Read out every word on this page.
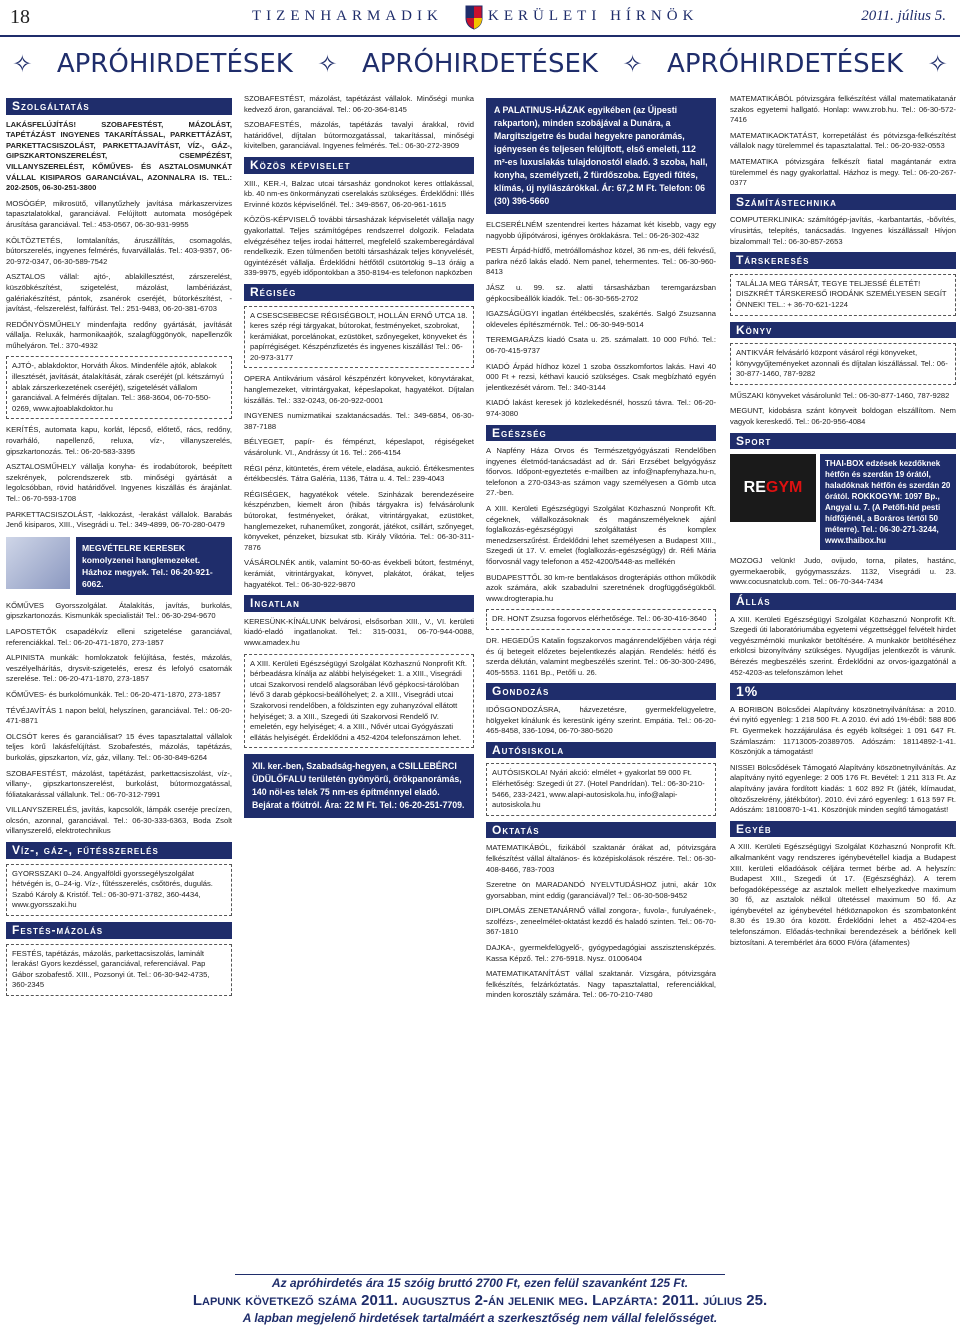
18	TIZENHARMADIK	KERÜLETI HÍRNÖK	2011. július 5.
✧ APRÓHIRDETÉSEK ✧ APRÓHIRDETÉSEK ✧ APRÓHIRDETÉSEK ✧
Szolgáltatás

LAKÁSFELÚJÍTÁS! SZOBAFESTÉST, MÁZOLÁST, TAPÉTÁZÁST INGYENES TAKARÍTÁSSAL, PARKETTÁZÁST, PARKETTACSISZOLÁST, PARKETTAJAVÍTÁST, VÍZ-, GÁZ-, GIPSZKARTONSZERELÉST, CSEMPÉZÉST, VILLANYSZERELÉST, KŐMŰVES- ÉS ASZTALOSMUNKÁT VÁLLAL KISIPAROS GARANCIÁVAL, AZONNALRA IS. TEL.: 202-2505, 06-30-251-3800

MOSÓGÉP, mikrosütő, villanytűzhely javítása márkaszervizes tapasztalatokkal, garanciával. Felújított automata mosógépek árusítása garanciával. Tel.: 453-0567, 06-30-931-9955

KÖLTÖZTETÉS, lomtalanítás, áruszállítás, csomagolás, bútorszerelés, ingyenes felmérés, fuvarvállalás. Tel.: 403-9357, 06-20-972-0347, 06-30-589-7542

ASZTALOS vállal: ajtó-, ablakillesztést, zárszerelést, küszöbkészítést, szigetelést, mázolást, lambériázást, galériakészítést, pántok, zsanérok cseréjét, bútorkészítést, -javítást, -felszerelést, falfúrást. Tel.: 251-9483, 06-20-381-6703

REDŐNYÖSMŰHELY mindenfajta redőny gyártását, javítását vállalja. Reluxák, harmonikaajtók, szalagfüggönyök, napellenzők műhelyáron. Tel.: 370-4932

AJTÓ-, ablakdoktor, Horváth Ákos. Mindenféle ajtók, ablakok illesztését, javítását, átalakítását, zárak cseréjét (pl. kétszárnyú ablak zárszerkezetének cseréjét), szigetelését vállalom garanciával. A felmérés díjtalan. Tel.: 368-3604, 06-70-550-0269, www.ajtoablakdoktor.hu

KERÍTÉS, automata kapu, korlát, lépcső, előtető, rács, redőny, rovarháló, napellenző, reluxa, víz-, villanyszerelés, gipszkartonozás. Tel.: 06-20-583-3395

ASZTALOSMŰHELY vállalja konyha- és irodabútorok, beépített szekrények, polcrendszerek stb. minőségi gyártását a legolcsóbban, rövid határidővel. Ingyenes kiszállás és árajánlat. Tel.: 06-70-593-1708

PARKETTACSISZOLÁST, -lakkozást, -lerakást vállalok. Barabás Jenő kisiparos, XIII., Visegrádi u. Tel.: 349-4899, 06-70-280-0479

MEGVÉTELRE KERESEK komolyzenei hanglemezeket. Házhoz megyek. Tel.: 06-20-921-6062.

KŐMŰVES Gyorsszolgálat. Átalakítás, javítás, burkolás, gipszkartonozás. Kismunkák specialistái! Tel.: 06-30-294-9670

LAPOSTETŐK csapadékvíz elleni szigetelése garanciával, referenciákkal. Tel.: 06-20-471-1870, 273-1857

ALPINISTA munkák: homlokzatok felújítása, festés, mázolás, veszélyelhárítás, drysvit-szigetelés, eresz és lefolyó csatornák szerelése. Tel.: 06-20-471-1870, 273-1857

KŐMŰVES- és burkolómunkák. Tel.: 06-20-471-1870, 273-1857

TÉVÉJAVÍTÁS 1 napon belül, helyszínen, garanciával. Tel.: 06-20-471-8871

OLCSÓT keres és garanciálisat? 15 éves tapasztalattal vállalok teljes körű lakásfelújítást. Szobafestés, mázolás, tapétázás, burkolás, gipszkarton, víz, gáz, villany. Tel.: 06-30-849-6264

SZOBAFESTÉST, mázolást, tapétázást, parkettacsiszolást, víz-, villany-, gipszkartonszerelést, burkolást, bútormozgatással, fóliatakarással vállalunk. Tel.: 06-70-312-7991

VILLANYSZERELÉS, javítás, kapcsolók, lámpák cseréje precízen, olcsón, azonnal, garanciával. Tel.: 06-30-333-6363, Boda Zsolt villanyszerelő, elektrotechnikus

Víz-, gáz-, fűtésszerelés
GYORSSZAKI 0–24. Angyalföldi gyorssegélyszolgálat hétvégén is, 0–24-ig. Víz-, fűtésszerelés, csőtörés, dugulás. Szabó Károly & Kristóf. Tel.: 06-30-971-3782, 360-4434, www.gyorsszaki.hu
Festés-mázolás
FESTÉS, tapétázás, mázolás, parkettacsiszolás, laminált lerakás! Gyors kezdéssel, garanciával, referenciával. Pap Gábor szobafestő. XIII., Pozsonyi út. Tel.: 06-30-942-4735, 360-2345

SZOBAFESTÉST, mázolást, tapétázást vállalok. Minőségi munka kedvező áron, garanciával. Tel.: 06-20-364-8145

SZOBAFESTÉS, mázolás, tapétázás tavalyi árakkal, rövid határidővel, díjtalan bútormozgatással, takarítással, minőségi kivitelben, garanciával. Ingyenes felmérés. Tel.: 06-30-272-3909

Közös képviselet

XIII., KER.-I, Balzac utcai társasház gondnokot keres ottlakással, kb. 40 nm-es önkormányzati cserelakás szükséges. Érdeklődni: Illés Ervinné közös képviselőnél. Tel.: 349-8567, 06-20-961-1615

KÖZÖS-KÉPVISELŐ további társasházak képviseletét vállalja nagy gyakorlattal. Teljes számítógépes rendszerrel dolgozik. Feladata elvégzéséhez teljes irodai hátterrel, megfelelő szakemberegárdával rendelkezik. Ezen túlmenően betölti társasházak teljes könyvelését, ügyintézését vállalja. Érdeklődni hétfőtől csütörtökig 9–13 óráig a 339-9975, egyéb időpontokban a 350-8194-es telefonon napközben

Régiség
A CSESCSEBECSE RÉGISÉGBOLT, HOLLÁN ERNŐ UTCA 18. keres szép régi tárgyakat, bútorokat, festményeket, szobrokat, kerámiákat, porcelánokat, ezüstöket, szőnyegeket, könyveket és papírrégiséget. Készpénzfizetés és ingyenes kiszállás! Tel.: 06-20-973-3177

OPERA Antikvárium vásárol készpénzért könyveket, könyvtárakat, hanglemezeket, vitrintárgyakat, képeslapokat, hagyatékot. Díjtalan kiszállás. Tel.: 332-0243, 06-20-922-0001

INGYENES numizmatikai szaktanácsadás. Tel.: 349-6854, 06-30-387-7188

BÉLYEGET, papír- és fémpénzt, képeslapot, régiségeket vásárolunk. VI., Andrássy út 16. Tel.: 266-4154

RÉGI pénz, kitüntetés, érem vétele, eladása, aukció. Értékesmentes értékbecslés. Tátra Galéria, 1136, Tátra u. 4. Tel.: 239-4043

RÉGISÉGEK, hagyatékok vétele. Szinházak berendezéseire készpénzben, kiemelt áron (hibás tárgyakra is) felvásárolunk bútorokat, festményeket, órákat, vitrintárgyakat, ezüstöket, hanglemezeket, ruhaneműket, zongorát, játékot, csillárt, szőnyeget, könyveket, pénzeket, bizsukat stb. Király Viktória. Tel.: 06-30-311-7876

VÁSÁROLNÉK antik, valamint 50-60-as évekbeli bútort, festményt, kerámiát, vitrintárgyakat, könyvet, plakátot, órákat, teljes hagyatékot. Tel.: 06-30-922-9870

Ingatlan

KERESÜNK-KÍNÁLUNK belvárosi, elsősorban XIII., V., VI. kerületi kiadó-eladó ingatlanokat. Tel.: 315-0031, 06-70-944-0088, www.amadex.hu

A XIII. Kerületi Egészségügyi Szolgálat Közhasznú Nonprofit Kft. bérbeadásra kínálja az alábbi helyiségeket: 1. a XIII., Visegrádi utcai Szakorvosi rendelő alagsorában lévő gépkocsi-tárolóban lévő 3 darab gépkocsi-beállóhelyet; 2. a XIII., Visegrádi utcai Szakorvosi rendelőben, a földszinten egy zuhanyzóval ellátott helyiséget; 3. a XIII., Szegedi úti Szakorvosi Rendelő IV. emeletén, egy helyiséget; 4. a XIII., Nővér utcai Gyógyászati ellátás helyiségét. Érdeklődni a 452-4204 telefonszámon lehet.
XII. ker.-ben, Szabadság-hegyen, a CSILLEBÉRCI ÜDÜLŐFALU területén gyönyörű, örökpanorámás, 140 nöl-es telek 75 nm-es építménnyel eladó. Bejárat a főútról. Ára: 22 M Ft. Tel.: 06-20-251-7709.
A PALATINUS-HÁZAK egyikében (az Újpesti rakparton), minden szobájával a Dunára, a Margitszigetre és budai hegyekre panorámás, igényesen és teljesen felújított, első emeleti, 112 m²-es luxuslakás tulajdonostól eladó. 3 szoba, hall, konyha, személyzeti, 2 fürdőszoba. Egyedi fűtés, klímás, új nyílászárókkal. Ár: 67,2 M Ft. Telefon: 06 (30) 396-5660

ELCSERÉLNÉM szentendrei kertes házamat két kisebb, vagy egy nagyobb újlipótvárosi, igényes öröklakásra. Tel.: 06-26-302-432

PESTI Árpád-hídfő, metróállomáshoz közel, 36 nm-es, déli fekvésű, parkra néző lakás eladó. Nem panel, tehermentes. Tel.: 06-30-960-8413

JÁSZ u. 99. sz. alatti társasházban teremgarázsban gépkocsibeállók kiadók. Tel.: 06-30-565-2702

IGAZSÁGÜGYI ingatlan értékbecslés, szakértés. Salgó Zsuzsanna okleveles építészmérnök. Tel.: 06-30-949-5014

TEREMGARÁZS kiadó Csata u. 25. számalatt. 10 000 Ft/hó. Tel.: 06-70-415-9737

KIADÓ Árpád hídhoz közel 1 szoba összkomfortos lakás. Havi 40 000 Ft + rezsi, kéthavi kaució szükséges. Csak megbízható egyén jelentkezését várom. Tel.: 340-3144

KIADÓ lakást keresek jó közlekedésnél, hosszú távra. Tel.: 06-20-974-3080

Egészség

A Napfény Háza Orvos és Természetgyógyászati Rendelőben ingyenes életmód-tanácsadást ad dr. Sári Erzsébet belgyógyász főorvos. Időpont-egyeztetés e-mailben az info@napfenyhaza.hu-n, telefonon a 270-0343-as számon vagy személyesen a Gömb utca 27.-ben.

A XIII. Kerületi Egészségügyi Szolgálat Közhasznú Nonprofit Kft. cégeknek, vállalkozásoknak és magánszemélyeknek ajánl foglalkozás-egészségügyi szolgáltatást és komplex menedzserszűrést. Érdeklődni lehet személyesen a Budapest XIII., Szegedi út 17. V. emelet (foglalkozás-egészségügy) dr. Réfi Mária főorvosnál vagy telefonon a 452-4200/5448-as mellékén

BUDAPESTTŐL 30 km-re bentlakásos drogterápiás otthon működik azok számára, akik szabadulni szeretnének drogfüggőségükből. www.drogterapia.hu

DR. HONT Zsuzsa fogorvos elérhetősége. Tel.: 06-30-416-3640

DR. HEGEDŰS Katalin fogszakorvos magánrendelőjében várja régi és új betegeit előzetes bejelentkezés alapján. Rendelés: hétfő és szerda délután, valamint megbeszélés szerint. Tel.: 06-30-300-2496, 405-5553. 1161 Bp., Petőfi u. 26.

Gondozás

IDŐSGONDOZÁSRA, házvezetésre, gyermekfelügyeletre, hölgyeket kínálunk és keresünk igény szerint. Empátia. Tel.: 06-20-465-8458, 336-1094, 06-70-380-5620

Autósiskola
AUTÓSISKOLA! Nyári akció: elmélet + gyakorlat 59 000 Ft. Elérhetőség: Szegedi út 27. (Hotel Pandrídan). Tel.: 06-30-210-5466, 233-2421, www.alapi-autosiskola.hu, info@alapi-autosiskola.hu
Oktatás

MATEMATIKÁBÓL, fizikából szaktanár órákat ad, pótvizsgára felkészítést vállal általános- és középiskolások részére. Tel.: 06-30-408-8466, 783-7003

Szeretne ön MARADANDÓ NYELVTUDÁSHOZ jutni, akár 10x gyorsabban, mint eddig (garanciával)? Tel.: 06-30-508-9452

DIPLOMÁS ZENETANÁRNŐ vállal zongora-, fuvola-, furulyaének-, szolfézs-, zeneelmélet-oktatást kezdő és haladó szinten. Tel.: 06-70-367-1810

DAJKA-, gyermekfelügyelő-, gyógypedagógiai asszisztensképzés. Kassa Képző. Tel.: 276-5918. Nysz. 01006404

MATEMATIKATANÍTÁST vállal szaktanár. Vizsgára, pótvizsgára felkészítés, felzárkóztatás. Nagy tapasztalattal, referenciákkal, minden korosztály számára. Tel.: 06-70-210-7480

MATEMATIKÁBÓL pótvizsgára felkészítést vállal matematikatanár szakos egyetemi hallgató. Honlap: www.zrob.hu. Tel.: 06-30-572-7416

MATEMATIKAOKTATÁST, korrepetálást és pótvizsga-felkészítést vállalok nagy türelemmel és tapasztalattal. Tel.: 06-20-932-0553

MATEMATIKA pótvizsgára felkészít fiatal magántanár extra türelemmel és nagy gyakorlattal. Házhoz is megy. Tel.: 06-20-267-0377

Számítástechnika

COMPUTERKLINIKA: számítógép-javítás, -karbantartás, -bővítés, vírusirtás, telepítés, tanácsadás. Ingyenes kiszállással! Hívjon bizalommal! Tel.: 06-30-857-2653

Társkeresés
TALÁLJA MEG TÁRSÁT, TEGYE TELJESSÉ ÉLETÉT! DISZKRÉT TÁRSKERESŐ IRODÁNK SZEMÉLYESEN SEGÍT ÖNNEK! TEL.: + 36-70-621-1224
Könyv
ANTIKVÁR felvásárló központ vásárol régi könyveket, könyvgyűjteményeket azonnali és díjtalan kiszállással. Tel.: 06-30-877-1460, 787-9282

MŰSZAKI könyveket vásárolunk! Tel.: 06-30-877-1460, 787-9282

MEGUNT, kidobásra szánt könyveit boldogan elszállítom. Nem vagyok kereskedő. Tel.: 06-20-956-4084

Sport
RE GYM
THAI-BOX edzések kezdőknek hétfőn és szerdán 19 órától, haladóknak hétfőn és szerdán 20 órától. ROKKOGYM: 1097 Bp., Angyal u. 7. (A Petőfi-híd pesti hídfőjénél, a Boráros tértől 50 méterre). Tel.: 06-30-271-3244, www.thaibox.hu

MOZOGJ velünk! Judo, ovijudo, torna, pilates, hastánc, gyermekaerobik, gyógymasszázs. 1132, Visegrádi u. 23. www.cocusnatclub.com. Tel.: 06-70-344-7434

Állás

A XIII. Kerületi Egészségügyi Szolgálat Közhasznú Nonprofit Kft. Szegedi úti laboratóriumába egyetemi végzettséggel felvételt hirdet vegyészmérnöki munkakör betöltésére. A munkakör betöltéséhez erkölcsi bizonyítvány szükséges. Nyugdíjas jelentkezőt is várunk. Bérezés megbeszélés szerint. Érdeklődni az orvos-igazgatónál a 452-4203-as telefonszámon lehet

1%

A BORIBON Bölcsődei Alapítvány köszönetnyilvánítása: a 2010. évi nyitó egyenleg: 1 218 500 Ft. A 2010. évi adó 1%-éből: 588 806 Ft. Gyermekek hozzájárulása és egyéb költségei: 1 091 647 Ft. Számlaszám: 11713005-20389705. Adószám: 18114892-1-41. Köszönjük a támogatást!

NISSEI Bölcsődések Támogató Alapítvány köszönetnyilvánítás. Az alapítvány nyitó egyenlege: 2 005 176 Ft. Bevétel: 1 211 313 Ft. Az alapítvány javára fordított kiadás: 1 602 892 Ft (játék, klímaudat, öltözőszekrény, játékbútor). 2010. évi záró egyenleg: 1 613 597 Ft. Adószám: 18100870-1-41. Köszönjük minden segítő támogatást!

Egyéb

A XIII. Kerületi Egészségügyi Szolgálat Közhasznú Nonprofit Kft. alkalmanként vagy rendszeres igénybevétellel kiadja a Budapest XIII. kerületi előadóások céljára termet bérbe ad. A helyszín: Budapest XIII., Szegedi út 17. (Egészségház). A terem befogadóképessége az asztalok mellett elhelyezkedve maximum 30 fő, az asztalok nélkül ültetéssel maximum 50 fő. Az igénybevétel az igénybevétel hétköznapokon és szombatonként 8.30 és 19.30 óra között. Érdeklődni lehet a 452-4204-es telefonszámon. Előadás-technikai berendezések a bérlőnek kell biztosítani. A terembérlet ára 6000 Ft/óra (áfamentes)

Az apróhirdetés ára 15 szóig bruttó 2700 Ft, ezen felül szavanként 125 Ft.
Lapunk következő száma 2011. augusztus 2-án jelenik meg. Lapzárta: 2011. július 25.
A lapban megjelenő hirdetések tartalmáért a szerkesztőség nem vállal felelősséget.
